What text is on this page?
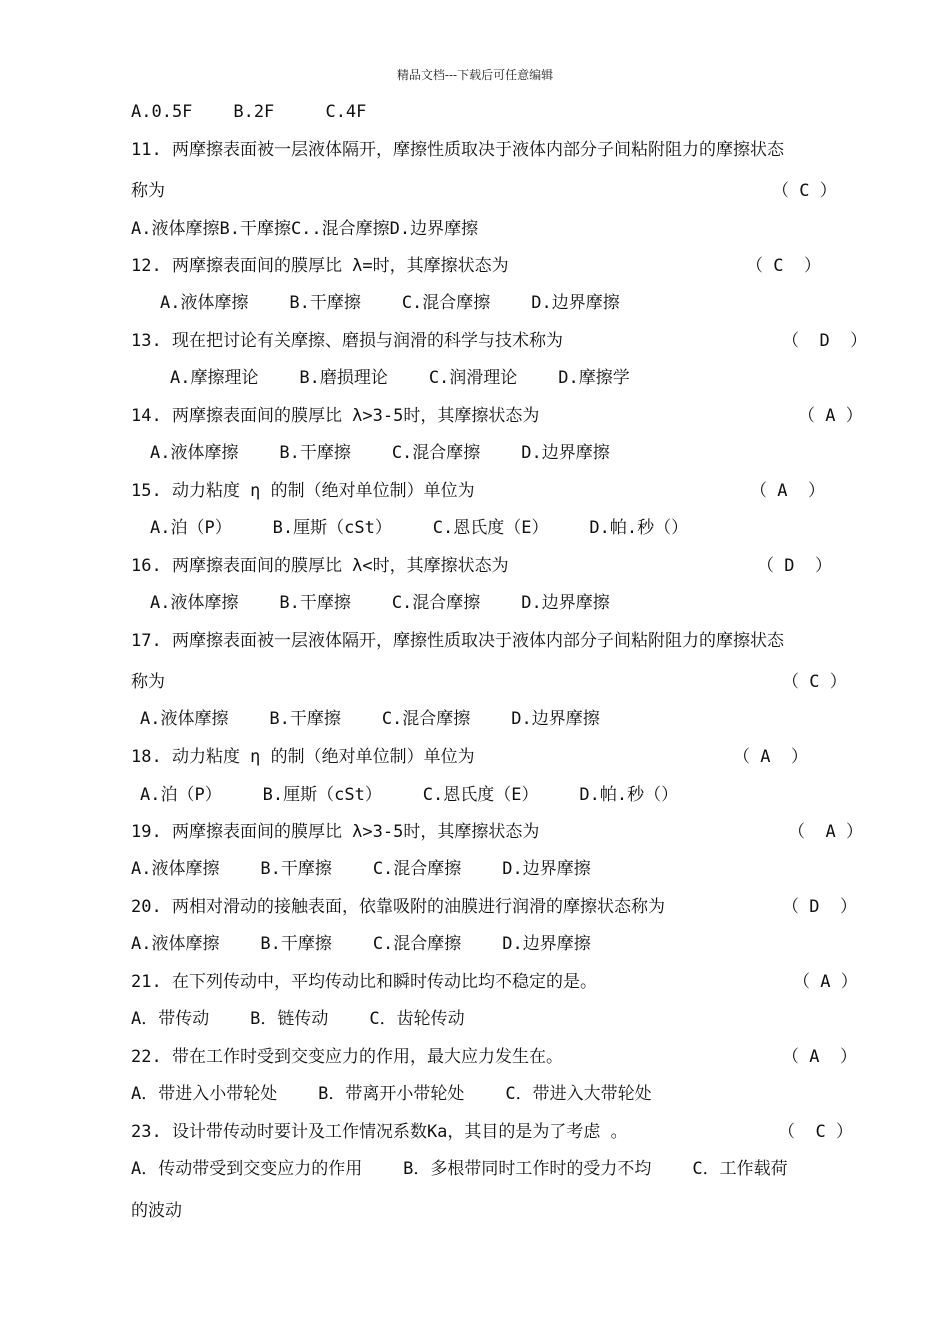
精品文档---下载后可任意编辑
A.0.5F    B.2F     C.4F
11. 两摩擦表面被一层液体隔开，摩擦性质取决于液体内部分子间粘附阻力的摩擦状态
称为	（ C ）
A.液体摩擦B.干摩擦C..混合摩擦D.边界摩擦
12. 两摩擦表面间的膜厚比 λ=时，其摩擦状态为	（ C  ）
A.液体摩擦    B.干摩擦    C.混合摩擦    D.边界摩擦
13. 现在把讨论有关摩擦、磨损与润滑的科学与技术称为	（  D  ）
A.摩擦理论    B.磨损理论    C.润滑理论    D.摩擦学
14. 两摩擦表面间的膜厚比 λ>3-5时，其摩擦状态为	（ A ）
A.液体摩擦    B.干摩擦    C.混合摩擦    D.边界摩擦
15. 动力粘度 η 的制（绝对单位制）单位为	（ A  ）
A.泊（P）    B.厘斯（cSt）    C.恩氏度（E）    D.帕.秒（）
16. 两摩擦表面间的膜厚比 λ<时，其摩擦状态为	（ D  ）
A.液体摩擦    B.干摩擦    C.混合摩擦    D.边界摩擦
17. 两摩擦表面被一层液体隔开，摩擦性质取决于液体内部分子间粘附阻力的摩擦状态
称为	（ C ）
A.液体摩擦    B.干摩擦    C.混合摩擦    D.边界摩擦
18. 动力粘度 η 的制（绝对单位制）单位为	（ A  ）
A.泊（P）    B.厘斯（cSt）    C.恩氏度（E）    D.帕.秒（）
19. 两摩擦表面间的膜厚比 λ>3-5时，其摩擦状态为	（  A ）
A.液体摩擦    B.干摩擦    C.混合摩擦    D.边界摩擦
20. 两相对滑动的接触表面，依靠吸附的油膜进行润滑的摩擦状态称为	（ D  ）
A.液体摩擦    B.干摩擦    C.混合摩擦    D.边界摩擦
21. 在下列传动中，平均传动比和瞬时传动比均不稳定的是。	（ A ）
A．带传动    B．链传动    C．齿轮传动
22. 带在工作时受到交变应力的作用，最大应力发生在。	（ A  ）
A．带进入小带轮处    B．带离开小带轮处    C．带进入大带轮处
23. 设计带传动时要计及工作情况系数Ka，其目的是为了考虑 。	（  C ）
A．传动带受到交变应力的作用    B．多根带同时工作时的受力不均    C．工作载荷
的波动
